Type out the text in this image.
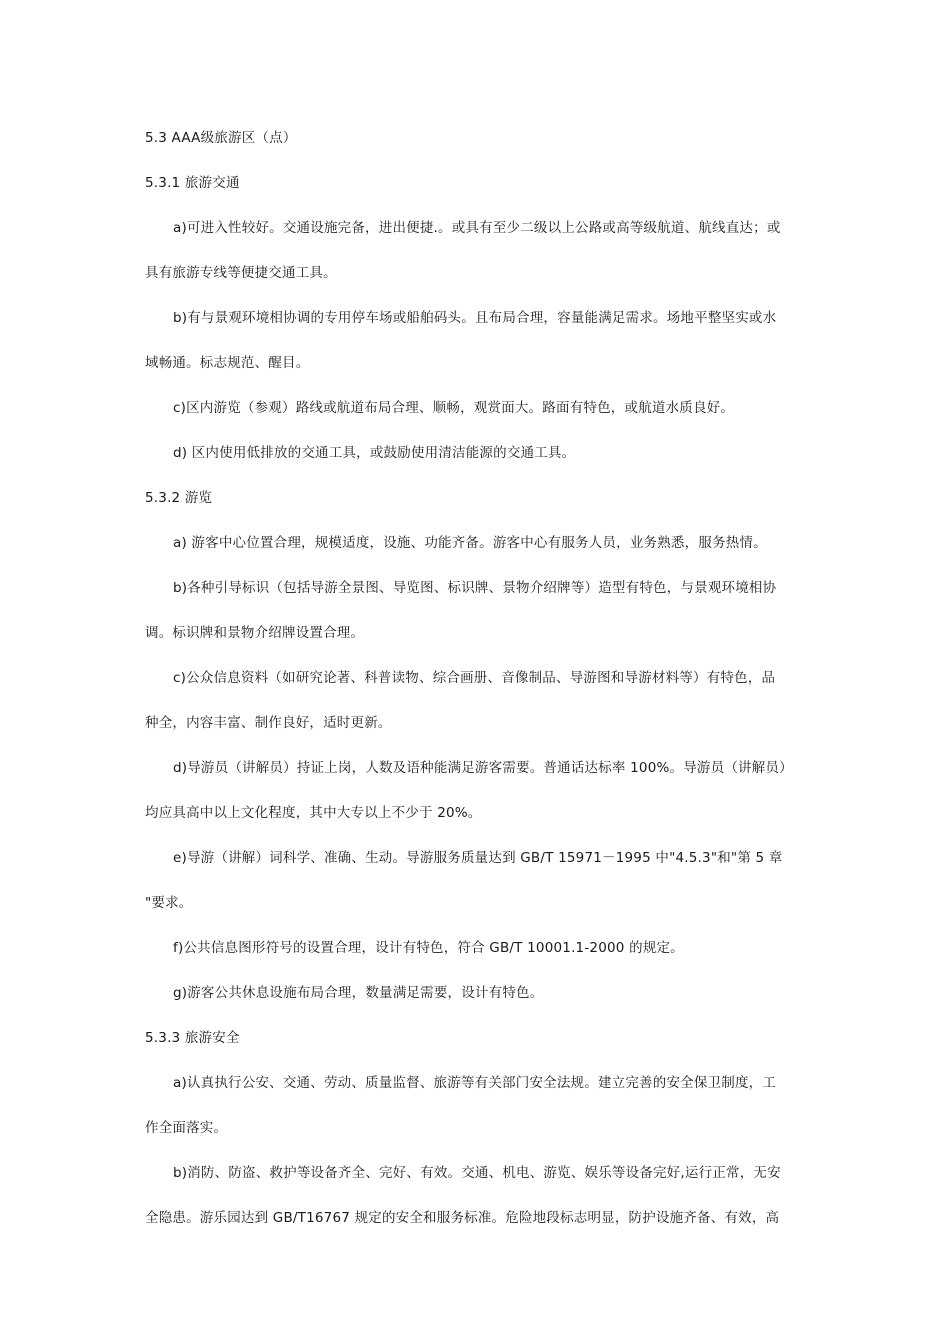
5.3 AAA级旅游区（点）
5.3.1 旅游交通
a)可进入性较好。交通设施完备，进出便捷.。或具有至少二级以上公路或高等级航道、航线直达；或
具有旅游专线等便捷交通工具。
b)有与景观环境相协调的专用停车场或船舶码头。且布局合理，容量能满足需求。场地平整坚实或水
域畅通。标志规范、醒目。
c)区内游览（参观）路线或航道布局合理、顺畅，观赏面大。路面有特色，或航道水质良好。
d) 区内使用低排放的交通工具，或鼓励使用清洁能源的交通工具。
5.3.2 游览
a) 游客中心位置合理，规模适度，设施、功能齐备。游客中心有服务人员，业务熟悉，服务热情。
b)各种引导标识（包括导游全景图、导览图、标识牌、景物介绍牌等）造型有特色，与景观环境相协
调。标识牌和景物介绍牌设置合理。
c)公众信息资料（如研究论著、科普读物、综合画册、音像制品、导游图和导游材料等）有特色，品
种全，内容丰富、制作良好，适时更新。
d)导游员（讲解员）持证上岗，人数及语种能满足游客需要。普通话达标率 100%。导游员（讲解员）
均应具高中以上文化程度，其中大专以上不少于 20%。
e)导游（讲解）词科学、准确、生动。导游服务质量达到 GB/T 15971－1995 中"4.5.3"和"第 5 章
"要求。
f)公共信息图形符号的设置合理，设计有特色，符合 GB/T 10001.1-2000 的规定。
g)游客公共休息设施布局合理，数量满足需要，设计有特色。
5.3.3 旅游安全
a)认真执行公安、交通、劳动、质量监督、旅游等有关部门安全法规。建立完善的安全保卫制度，工
作全面落实。
b)消防、防盗、救护等设备齐全、完好、有效。交通、机电、游览、娱乐等设备完好,运行正常，无安
全隐患。游乐园达到 GB/T16767 规定的安全和服务标准。危险地段标志明显，防护设施齐备、有效，高
